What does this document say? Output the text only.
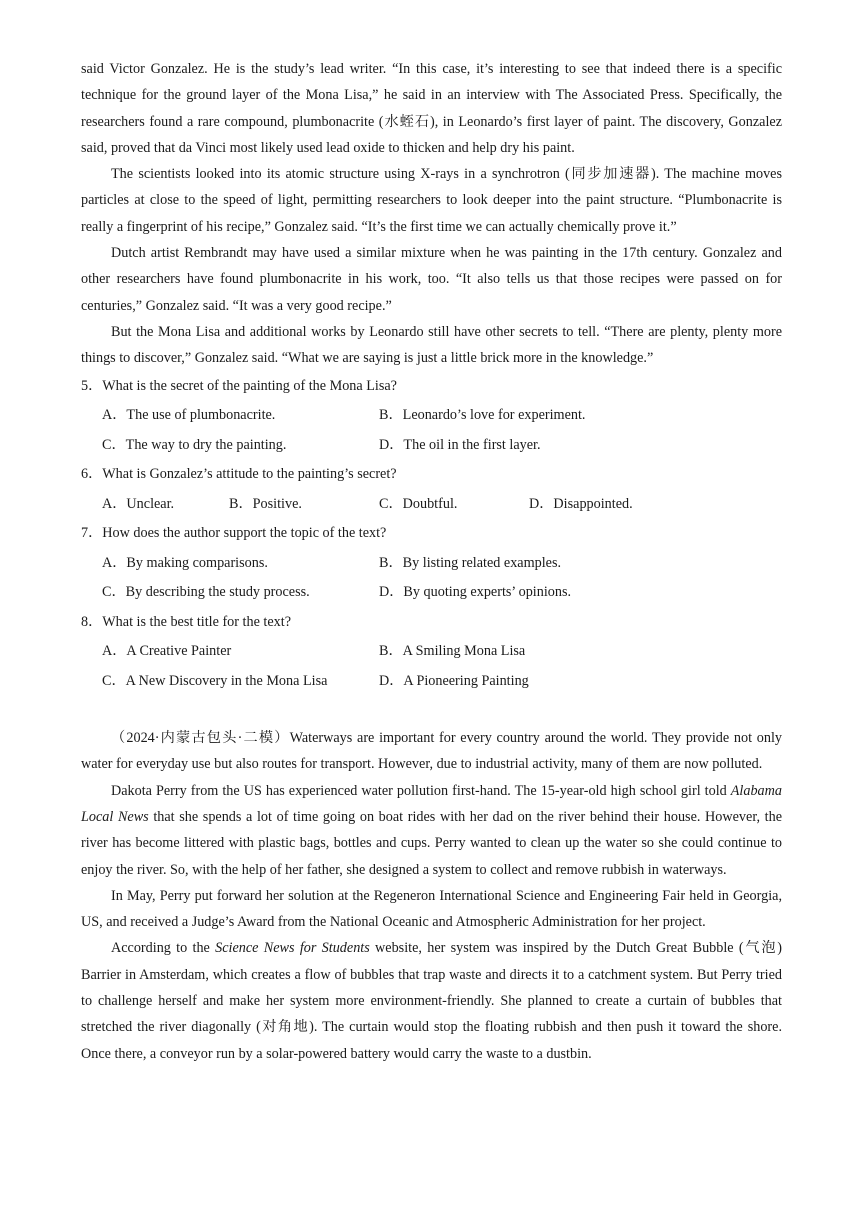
said Victor Gonzalez. He is the study’s lead writer. “In this case, it’s interesting to see that indeed there is a specific technique for the ground layer of the Mona Lisa,” he said in an interview with The Associated Press. Specifically, the researchers found a rare compound, plumbonacrite (水蛭石), in Leonardo’s first layer of paint. The discovery, Gonzalez said, proved that da Vinci most likely used lead oxide to thicken and help dry his paint.

The scientists looked into its atomic structure using X-rays in a synchrotron (同步加速器). The machine moves particles at close to the speed of light, permitting researchers to look deeper into the paint structure. “Plumbonacrite is really a fingerprint of his recipe,” Gonzalez said. “It’s the first time we can actually chemically prove it.”

Dutch artist Rembrandt may have used a similar mixture when he was painting in the 17th century. Gonzalez and other researchers have found plumbonacrite in his work, too. “It also tells us that those recipes were passed on for centuries,” Gonzalez said. “It was a very good recipe.”

But the Mona Lisa and additional works by Leonardo still have other secrets to tell. “There are plenty, plenty more things to discover,” Gonzalez said. “What we are saying is just a little brick more in the knowledge.”

5．What is the secret of the painting of the Mona Lisa?

A．The use of plumbonacrite.	B．Leonardo’s love for experiment.
C．The way to dry the painting.	D．The oil in the first layer.

6．What is Gonzalez’s attitude to the painting’s secret?

A．Unclear.	B．Positive.	C．Doubtful.	D．Disappointed.

7．How does the author support the topic of the text?

A．By making comparisons.	B．By listing related examples.
C．By describing the study process.	D．By quoting experts’ opinions.

8．What is the best title for the text?

A．A Creative Painter	B．A Smiling Mona Lisa
C．A New Discovery in the Mona Lisa	D．A Pioneering Painting

（2024·内蒙古包头·二模）Waterways are important for every country around the world. They provide not only water for everyday use but also routes for transport. However, due to industrial activity, many of them are now polluted.

Dakota Perry from the US has experienced water pollution first-hand. The 15-year-old high school girl told Alabama Local News that she spends a lot of time going on boat rides with her dad on the river behind their house. However, the river has become littered with plastic bags, bottles and cups. Perry wanted to clean up the water so she could continue to enjoy the river. So, with the help of her father, she designed a system to collect and remove rubbish in waterways.

In May, Perry put forward her solution at the Regeneron International Science and Engineering Fair held in Georgia, US, and received a Judge’s Award from the National Oceanic and Atmospheric Administration for her project.

According to the Science News for Students website, her system was inspired by the Dutch Great Bubble (气泡) Barrier in Amsterdam, which creates a flow of bubbles that trap waste and directs it to a catchment system. But Perry tried to challenge herself and make her system more environment-friendly. She planned to create a curtain of bubbles that stretched the river diagonally (对角地). The curtain would stop the floating rubbish and then push it toward the shore. Once there, a conveyor run by a solar-powered battery would carry the waste to a dustbin.
